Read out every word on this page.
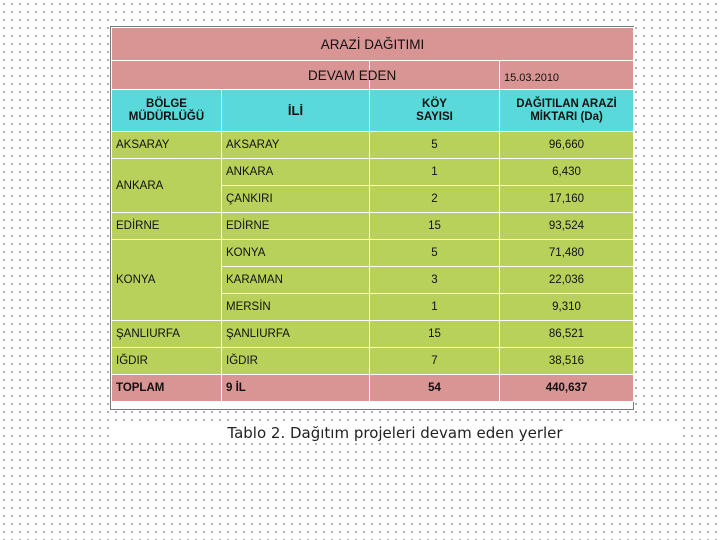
ARAZİ DAĞITIMI			
		DEVAM EDEN	15.03.2010
BÖLGE MÜDÜRLÜĞÜ	İLİ	KÖY SAYISI	DAĞITILAN ARAZİ MİKTARI (Da)
AKSARAY	AKSARAY	5	96,660
ANKARA	ANKARA	1	6,430
	ÇANKIRI	2	17,160
EDİRNE	EDİRNE	15	93,524
KONYA	KONYA	5	71,480
	KARAMAN	3	22,036
	MERSİN	1	9,310
ŞANLIURFA	ŞANLIURFA	15	86,521
IĞDIR	IĞDIR	7	38,516
TOPLAM	9 İL	54	440,637
Tablo 2. Dağıtım projeleri devam eden yerler
